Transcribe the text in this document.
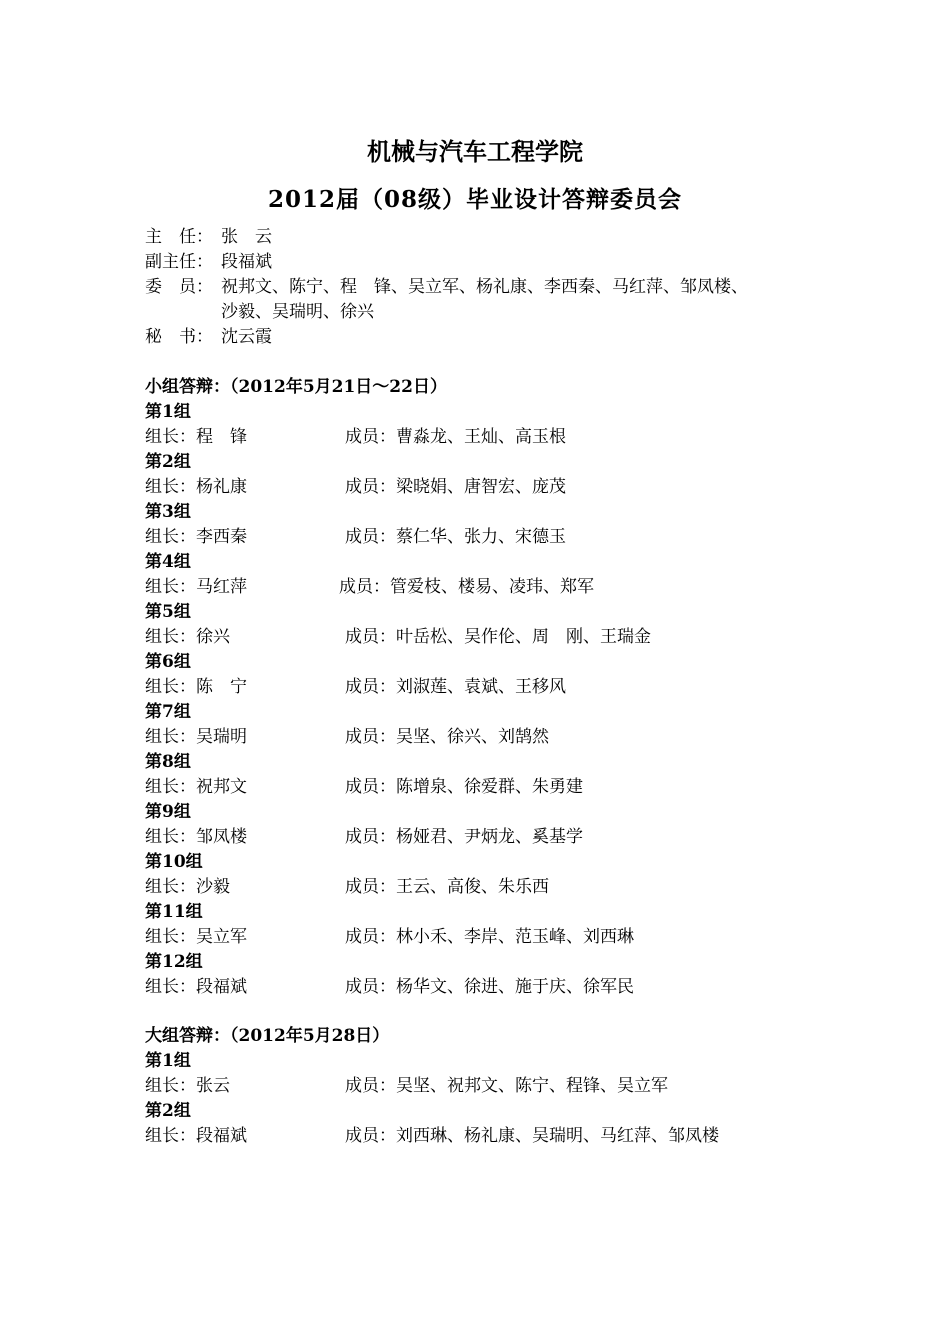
机械与汽车工程学院
2012届（08级）毕业设计答辩委员会
主　任： 张　云
副主任： 段福斌
委　员： 祝邦文、陈宁、程　锋、吴立军、杨礼康、李西秦、马红萍、邹凤楼、
沙毅、吴瑞明、徐兴
秘　书： 沈云霞
小组答辩：（2012年5月21日～22日）
第1组
组长：程　锋	成员：曹淼龙、王灿、高玉根
第2组
组长：杨礼康	成员：梁晓娟、唐智宏、庞茂
第3组
组长：李西秦	成员：蔡仁华、张力、宋德玉
第4组
组长：马红萍	成员：管爱枝、楼易、凌玮、郑军
第5组
组长：徐兴	成员：叶岳松、吴作伦、周　刚、王瑞金
第6组
组长：陈　宁	成员：刘淑莲、袁斌、王移风
第7组
组长：吴瑞明	成员：吴坚、徐兴、刘鹄然
第8组
组长：祝邦文	成员：陈增泉、徐爱群、朱勇建
第9组
组长：邹凤楼	成员：杨娅君、尹炳龙、奚基学
第10组
组长：沙毅	成员：王云、高俊、朱乐西
第11组
组长：吴立军	成员：林小禾、李岸、范玉峰、刘西琳
第12组
组长：段福斌	成员：杨华文、徐进、施于庆、徐军民
大组答辩：（2012年5月28日）
第1组
组长：张云	成员：吴坚、祝邦文、陈宁、程锋、吴立军
第2组
组长：段福斌	成员：刘西琳、杨礼康、吴瑞明、马红萍、邹凤楼
